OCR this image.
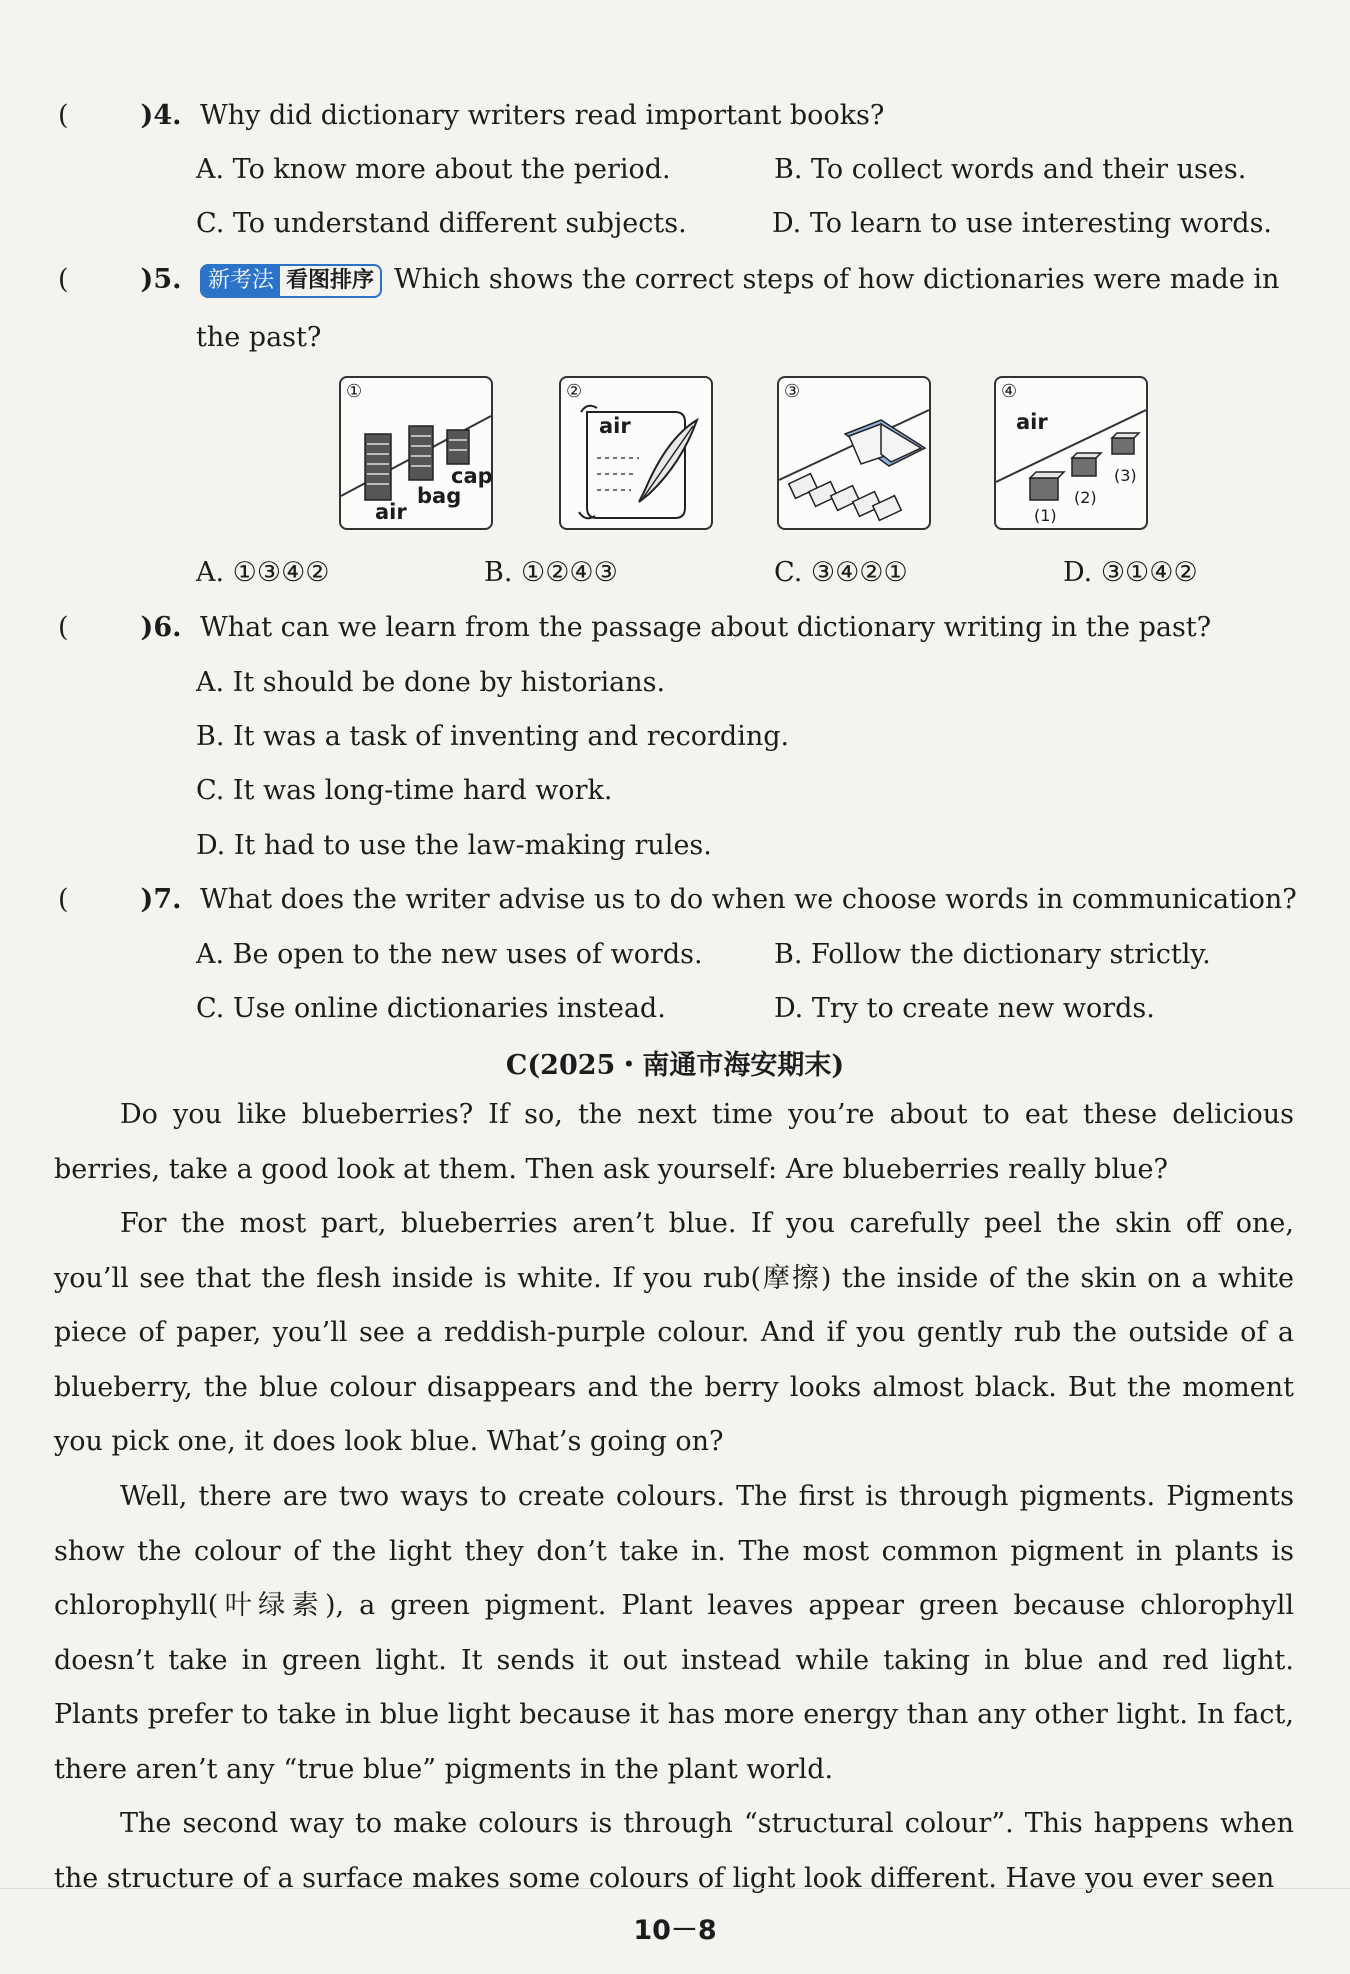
(	)4. Why did dictionary writers read important books?
A. To know more about the period.	B. To collect words and their uses.
C. To understand different subjects.	D. To learn to use interesting words.
(	)5. 新考法 看图排序 Which shows the correct steps of how dictionaries were made in
the past?
①
air
bag
cap
②
air
③	④
air
(1)
(2)
(3)
A. ①③④②	B. ①②④③	C. ③④②①	D. ③①④②
(	)6. What can we learn from the passage about dictionary writing in the past?
A. It should be done by historians.
B. It was a task of inventing and recording.
C. It was long-time hard work.
D. It had to use the law-making rules.
(	)7. What does the writer advise us to do when we choose words in communication?
A. Be open to the new uses of words.	B. Follow the dictionary strictly.
C. Use online dictionaries instead.	D. Try to create new words.
C(2025・南通市海安期末)
Do you like blueberries? If so, the next time you’re about to eat these delicious berries, take a good look at them. Then ask yourself: Are blueberries really blue?
For the most part, blueberries aren’t blue. If you carefully peel the skin off one, you’ll see that the flesh inside is white. If you rub(摩擦) the inside of the skin on a white piece of paper, you’ll see a reddish-purple colour. And if you gently rub the outside of a blueberry, the blue colour disappears and the berry looks almost black. But the moment you pick one, it does look blue. What’s going on?
Well, there are two ways to create colours. The first is through pigments. Pigments show the colour of the light they don’t take in. The most common pigment in plants is chlorophyll(叶绿素), a green pigment. Plant leaves appear green because chlorophyll doesn’t take in green light. It sends it out instead while taking in blue and red light. Plants prefer to take in blue light because it has more energy than any other light. In fact, there aren’t any “true blue” pigments in the plant world.
The second way to make colours is through “structural colour”. This happens when the structure of a surface makes some colours of light look different. Have you ever seen
10－8
